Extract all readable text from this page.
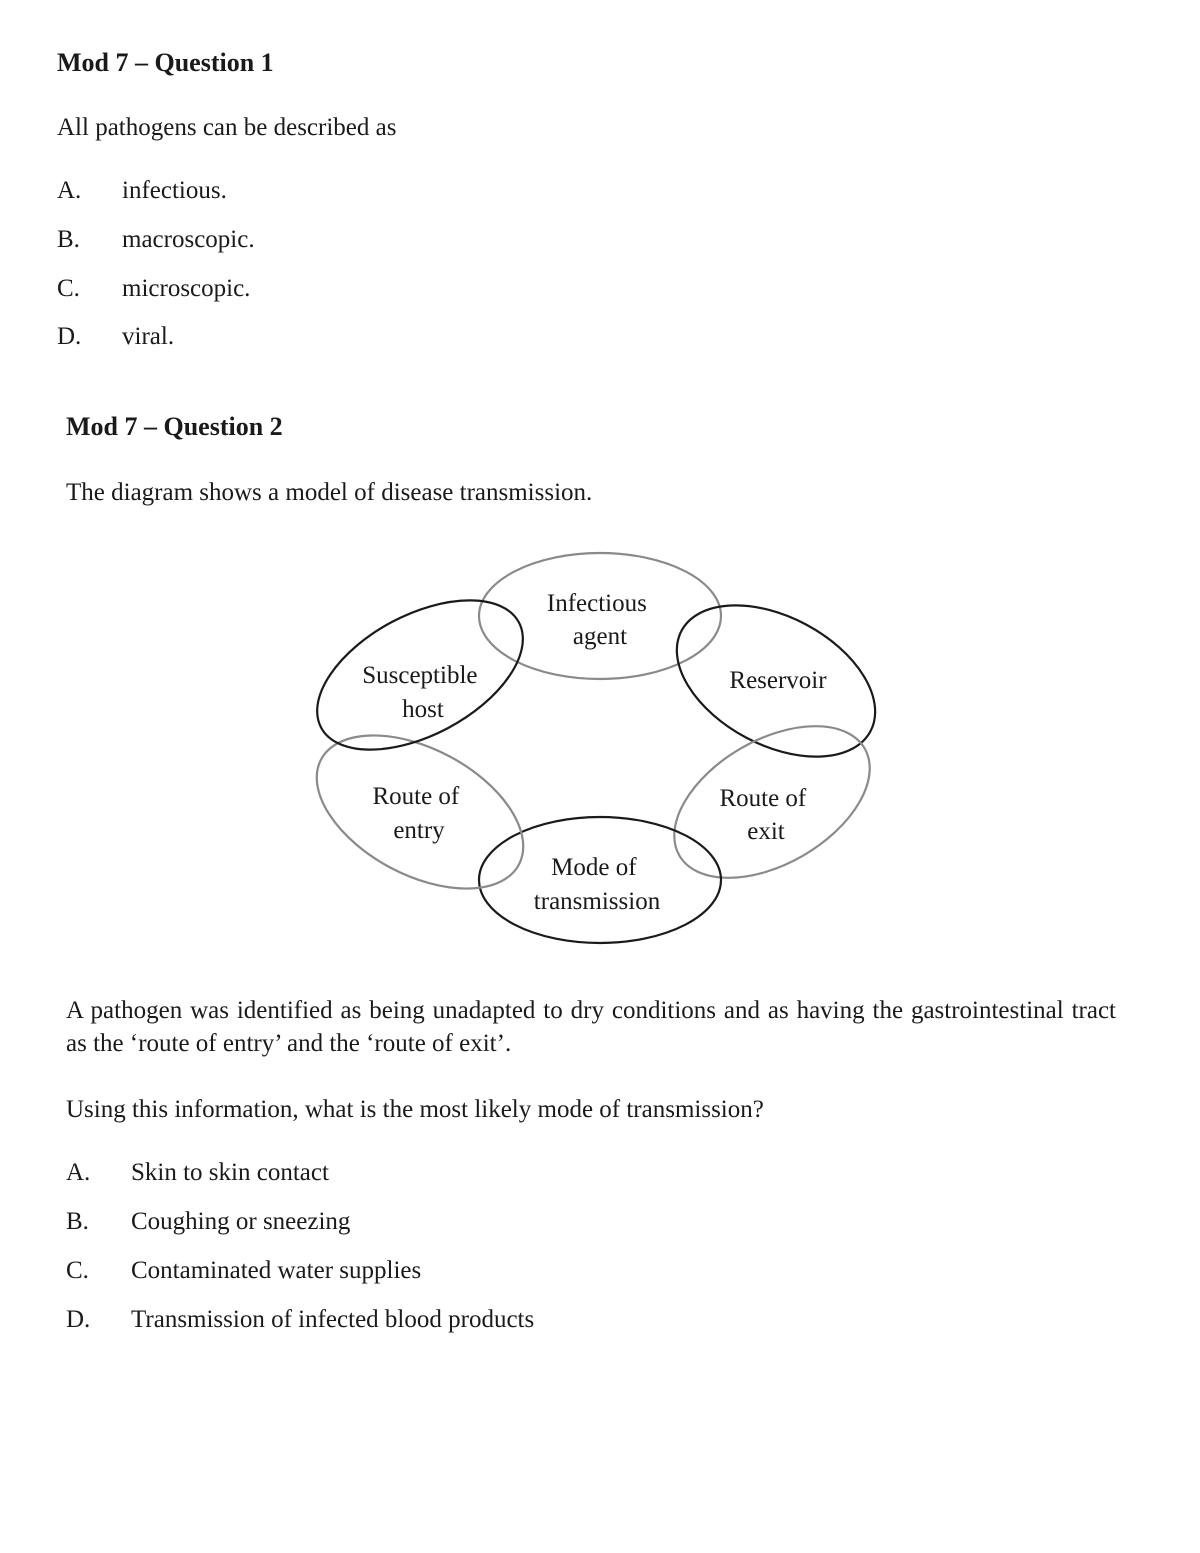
Mod 7 – Question 1

All pathogens can be described as

A. infectious.
B. macroscopic.
C. microscopic.
D. viral.
Mod 7 – Question 2

The diagram shows a model of disease transmission.

Infectious agent
Reservoir
Route of exit
Mode of transmission
Route of entry
Susceptible host

A pathogen was identified as being unadapted to dry conditions and as having the gastrointestinal tract as the ‘route of entry’ and the ‘route of exit’.

Using this information, what is the most likely mode of transmission?

A. Skin to skin contact
B. Coughing or sneezing
C. Contaminated water supplies
D. Transmission of infected blood products
